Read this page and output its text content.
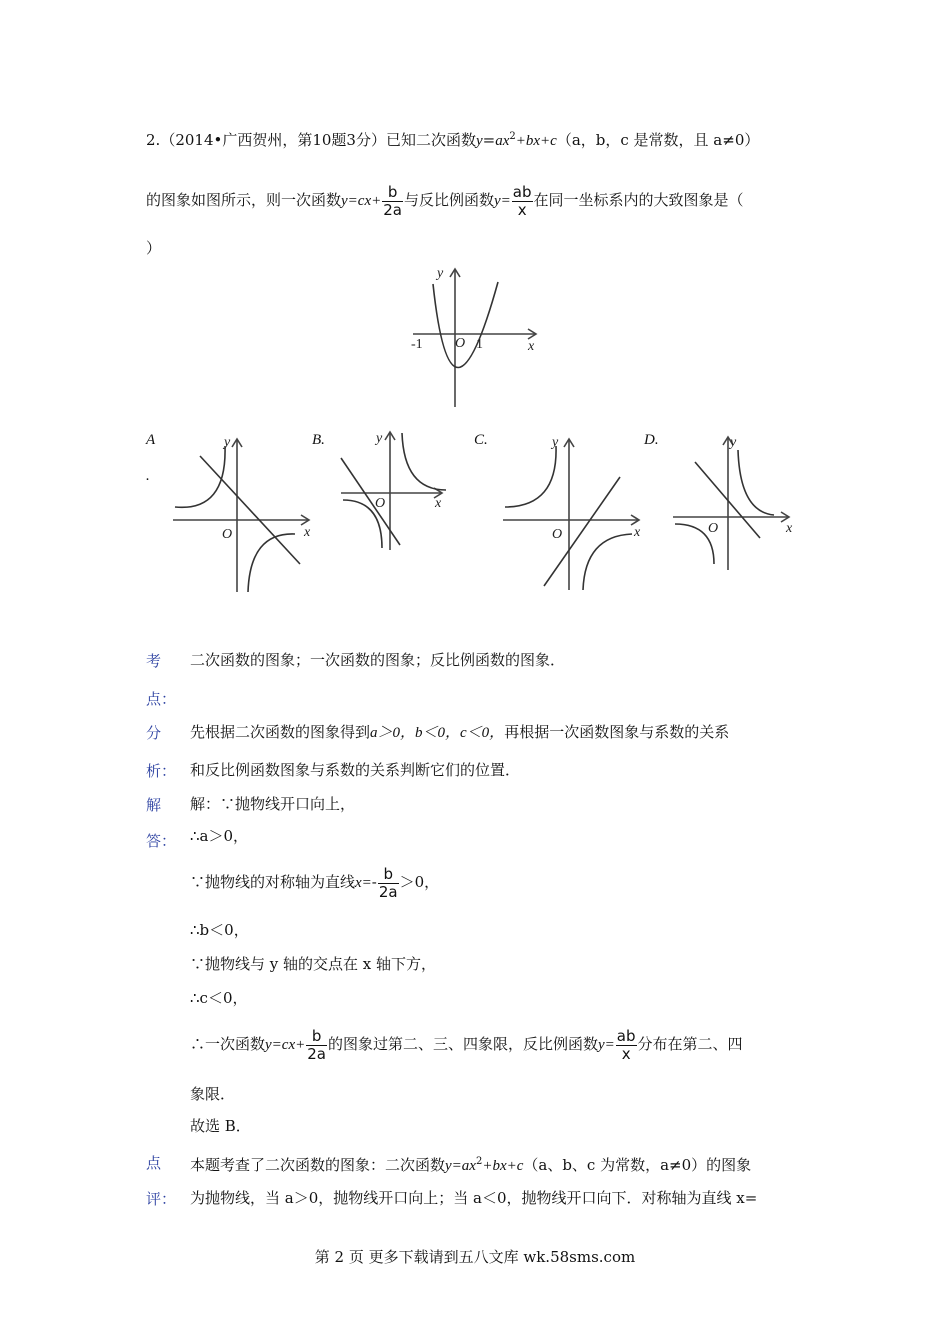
2.（2014•广西贺州，第10题3分）已知二次函数$y=ax^2+bx+c(a$，b，c 是常数，且 a≠0）
的图象如图所示，则一次函数$y=cx+ \frac{b}{2a}$ 与反比例函数$y= \frac{ab}{x}$ 在同一坐标系内的大致图象是（
）
y
x
O
-1	1
A
.
B.	C.	D.
y
x
O
y
x
O
y
x
O
y
x
O
考
点：
二次函数的图象；一次函数的图象；反比例函数的图象．
分
析：
先根据二次函数的图象得到a＞0，b＜0，c＜0，再根据一次函数图象与系数的关系
和反比例函数图象与系数的关系判断它们的位置．
解
答：
解：∵抛物线开口向上，
∴a＞0，
∵抛物线的对称轴为直线$x=- \frac{b}{2a} >0$，
∴b＜0，
∵抛物线与 y 轴的交点在 x 轴下方，
∴c＜0，
∴一次函数$y=cx+ \frac{b}{2a}$ 的图象过第二、三、四象限，反比例函数$y= \frac{ab}{x}$ 分布在第二、四
象限．
故选 B．
点
评：
本题考查了二次函数的图象：二次函数$y=ax^2+bx+c(a$、b、c 为常数，a≠0）的图象
为抛物线，当 a＞0，抛物线开口向上；当 a＜0，抛物线开口向下．对称轴为直线 x=
第 2 页 更多下载请到五八文库 wk.58sms.com
